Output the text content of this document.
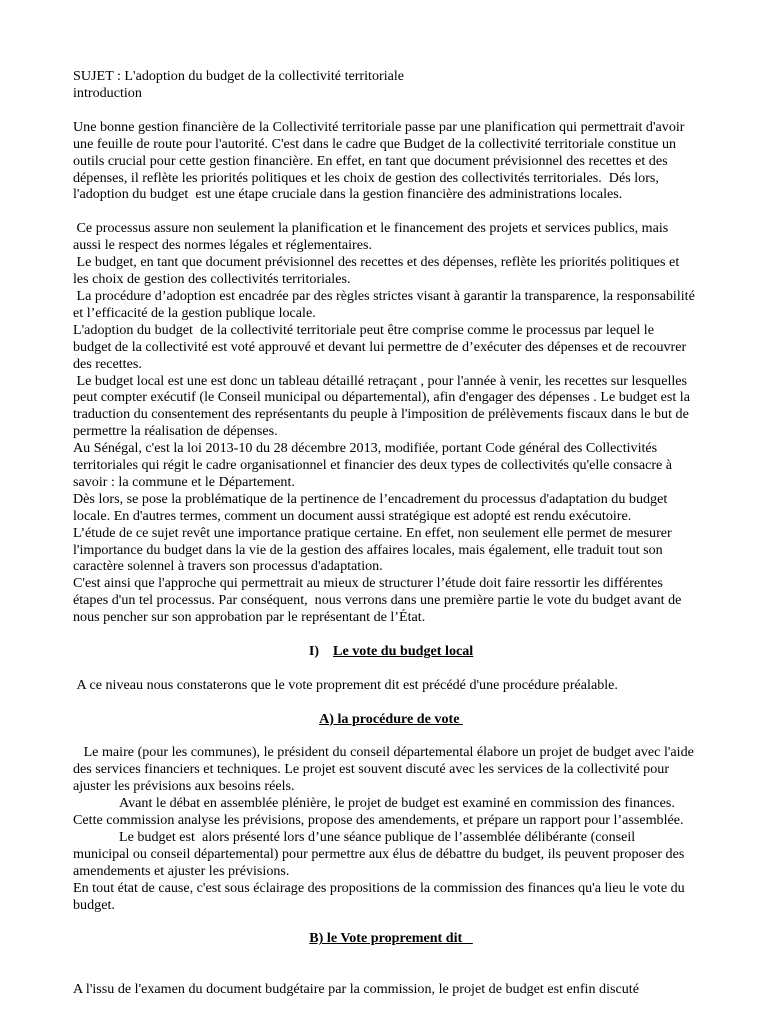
SUJET : L'adoption du budget de la collectivité territoriale

introduction

Une bonne gestion financière de la Collectivité territoriale passe par une planification qui permettrait d'avoir une feuille de route pour l'autorité. C'est dans le cadre que Budget de la collectivité territoriale constitue un outils crucial pour cette gestion financière. En effet, en tant que document prévisionnel des recettes et des dépenses, il reflète les priorités politiques et les choix de gestion des collectivités territoriales.  Dés lors, l'adoption du budget  est une étape cruciale dans la gestion financière des administrations locales.

Ce processus assure non seulement la planification et le financement des projets et services publics, mais aussi le respect des normes légales et réglementaires.

Le budget, en tant que document prévisionnel des recettes et des dépenses, reflète les priorités politiques et les choix de gestion des collectivités territoriales.

La procédure d’adoption est encadrée par des règles strictes visant à garantir la transparence, la responsabilité et l’efficacité de la gestion publique locale.

L'adoption du budget  de la collectivité territoriale peut être comprise comme le processus par lequel le budget de la collectivité est voté approuvé et devant lui permettre de d’exécuter des dépenses et de recouvrer des recettes.

Le budget local est une est donc un tableau détaillé retraçant , pour l'année à venir, les recettes sur lesquelles peut compter exécutif (le Conseil municipal ou départemental), afin d'engager des dépenses . Le budget est la traduction du consentement des représentants du peuple à l'imposition de prélèvements fiscaux dans le but de permettre la réalisation de dépenses.

Au Sénégal, c'est la loi 2013-10 du 28 décembre 2013, modifiée, portant Code général des Collectivités territoriales qui régit le cadre organisationnel et financier des deux types de collectivités qu'elle consacre à savoir : la commune et le Département.

Dès lors, se pose la problématique de la pertinence de l’encadrement du processus d'adaptation du budget locale. En d'autres termes, comment un document aussi stratégique est adopté est rendu exécutoire.

L’étude de ce sujet revêt une importance pratique certaine. En effet, non seulement elle permet de mesurer l'importance du budget dans la vie de la gestion des affaires locales, mais également, elle traduit tout son caractère solennel à travers son processus d'adaptation.

C'est ainsi que l'approche qui permettrait au mieux de structurer l’étude doit faire ressortir les différentes étapes d'un tel processus. Par conséquent,  nous verrons dans une première partie le vote du budget avant de nous pencher sur son approbation par le représentant de l’État.

I) Le vote du budget local

A ce niveau nous constaterons que le vote proprement dit est précédé d'une procédure préalable.

A) la procédure de vote

Le maire (pour les communes), le président du conseil départemental élabore un projet de budget avec l'aide des services financiers et techniques. Le projet est souvent discuté avec les services de la collectivité pour ajuster les prévisions aux besoins réels.

Avant le débat en assemblée plénière, le projet de budget est examiné en commission des finances. Cette commission analyse les prévisions, propose des amendements, et prépare un rapport pour l’assemblée.

Le budget est  alors présenté lors d’une séance publique de l’assemblée délibérante (conseil municipal ou conseil départemental) pour permettre aux élus de débattre du budget, ils peuvent proposer des amendements et ajuster les prévisions.

En tout état de cause, c'est sous éclairage des propositions de la commission des finances qu'a lieu le vote du budget.

B) le Vote proprement dit

A l'issu de l'examen du document budgétaire par la commission, le projet de budget est enfin discuté
